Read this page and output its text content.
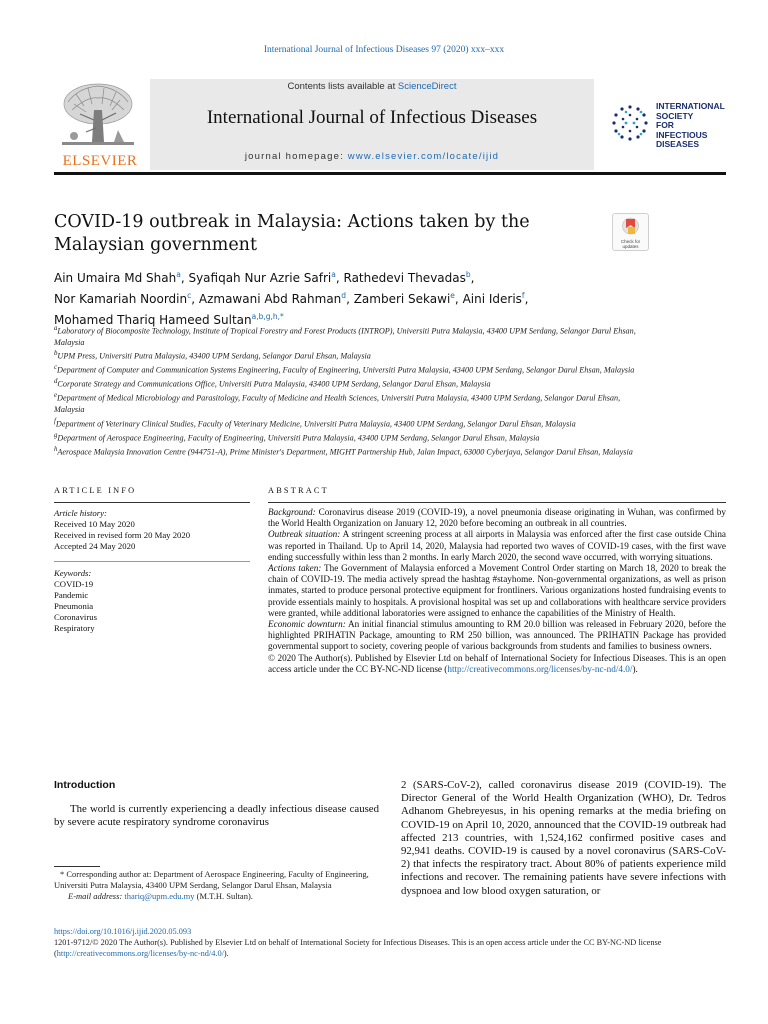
International Journal of Infectious Diseases 97 (2020) xxx–xxx
ELSEVIER
Contents lists available at ScienceDirect
International Journal of Infectious Diseases
journal homepage: www.elsevier.com/locate/ijid
INTERNATIONAL
SOCIETY
FOR INFECTIOUS
DISEASES
COVID-19 outbreak in Malaysia: Actions taken by the Malaysian government	Check for updates
Ain Umaira Md Shah$^a$, Syafiqah Nur Azrie Safri$^a$, Rathedevi Thevadas$^b$,
Nor Kamariah Noordin$^c$, Azmawani Abd Rahman$^d$, Zamberi Sekawi$^e$, Aini Ideris$^f$,
Mohamed Thariq Hameed Sultan$^{a,b,g,h,*}$
$^a$Laboratory of Biocomposite Technology, Institute of Tropical Forestry and Forest Products (INTROP), Universiti Putra Malaysia, 43400 UPM Serdang, Selangor Darul Ehsan, Malaysia
$^b$UPM Press, Universiti Putra Malaysia, 43400 UPM Serdang, Selangor Darul Ehsan, Malaysia
$^c$Department of Computer and Communication Systems Engineering, Faculty of Engineering, Universiti Putra Malaysia, 43400 UPM Serdang, Selangor Darul Ehsan, Malaysia
$^d$Corporate Strategy and Communications Office, Universiti Putra Malaysia, 43400 UPM Serdang, Selangor Darul Ehsan, Malaysia
$^e$Department of Medical Microbiology and Parasitology, Faculty of Medicine and Health Sciences, Universiti Putra Malaysia, 43400 UPM Serdang, Selangor Darul Ehsan, Malaysia
$^f$Department of Veterinary Clinical Studies, Faculty of Veterinary Medicine, Universiti Putra Malaysia, 43400 UPM Serdang, Selangor Darul Ehsan, Malaysia
$^g$Department of Aerospace Engineering, Faculty of Engineering, Universiti Putra Malaysia, 43400 UPM Serdang, Selangor Darul Ehsan, Malaysia
$^h$Aerospace Malaysia Innovation Centre (944751-A), Prime Minister's Department, MIGHT Partnership Hub, Jalan Impact, 63000 Cyberjaya, Selangor Darul Ehsan, Malaysia
ARTICLE INFO	ABSTRACT
Article history:
Received 10 May 2020
Received in revised form 20 May 2020
Accepted 24 May 2020
Keywords:
COVID-19
Pandemic
Pneumonia
Coronavirus
Respiratory

Background: Coronavirus disease 2019 (COVID-19), a novel pneumonia disease originating in Wuhan, was confirmed by the World Health Organization on January 12, 2020 before becoming an outbreak in all countries.

Outbreak situation: A stringent screening process at all airports in Malaysia was enforced after the first case outside China was reported in Thailand. Up to April 14, 2020, Malaysia had reported two waves of COVID-19 cases, with the first wave ending successfully within less than 2 months. In early March 2020, the second wave occurred, with worrying situations.

Actions taken: The Government of Malaysia enforced a Movement Control Order starting on March 18, 2020 to break the chain of COVID-19. The media actively spread the hashtag #stayhome. Non-governmental organizations, as well as prison inmates, started to produce personal protective equipment for frontliners. Various organizations hosted fundraising events to provide essentials mainly to hospitals. A provisional hospital was set up and collaborations with healthcare service providers were granted, while additional laboratories were assigned to enhance the capabilities of the Ministry of Health.

Economic downturn: An initial financial stimulus amounting to RM 20.0 billion was released in February 2020, before the highlighted PRIHATIN Package, amounting to RM 250 billion, was announced. The PRIHATIN Package has provided governmental support to society, covering people of various backgrounds from students and families to business owners.

© 2020 The Author(s). Published by Elsevier Ltd on behalf of International Society for Infectious Diseases. This is an open access article under the CC BY-NC-ND license (http://creativecommons.org/licenses/by-nc-nd/4.0/).

Introduction
The world is currently experiencing a deadly infectious disease caused by severe acute respiratory syndrome coronavirus
2 (SARS-CoV-2), called coronavirus disease 2019 (COVID-19). The Director General of the World Health Organization (WHO), Dr. Tedros Adhanom Ghebreyesus, in his opening remarks at the media briefing on COVID-19 on April 10, 2020, announced that the COVID-19 outbreak had affected 213 countries, with 1,524,162 confirmed positive cases and 92,941 deaths. COVID-19 is caused by a novel coronavirus (SARS-CoV-2) that infects the respiratory tract. About 80% of patients experience mild infections and recover. The remaining patients have severe infections with dyspnoea and low blood oxygen saturation, or
* Corresponding author at: Department of Aerospace Engineering, Faculty of Engineering, Universiti Putra Malaysia, 43400 UPM Serdang, Selangor Darul Ehsan, Malaysia
E-mail address: thariq@upm.edu.my (M.T.H. Sultan).
https://doi.org/10.1016/j.ijid.2020.05.093
1201-9712/© 2020 The Author(s). Published by Elsevier Ltd on behalf of International Society for Infectious Diseases. This is an open access article under the CC BY-NC-ND license (http://creativecommons.org/licenses/by-nc-nd/4.0/).
